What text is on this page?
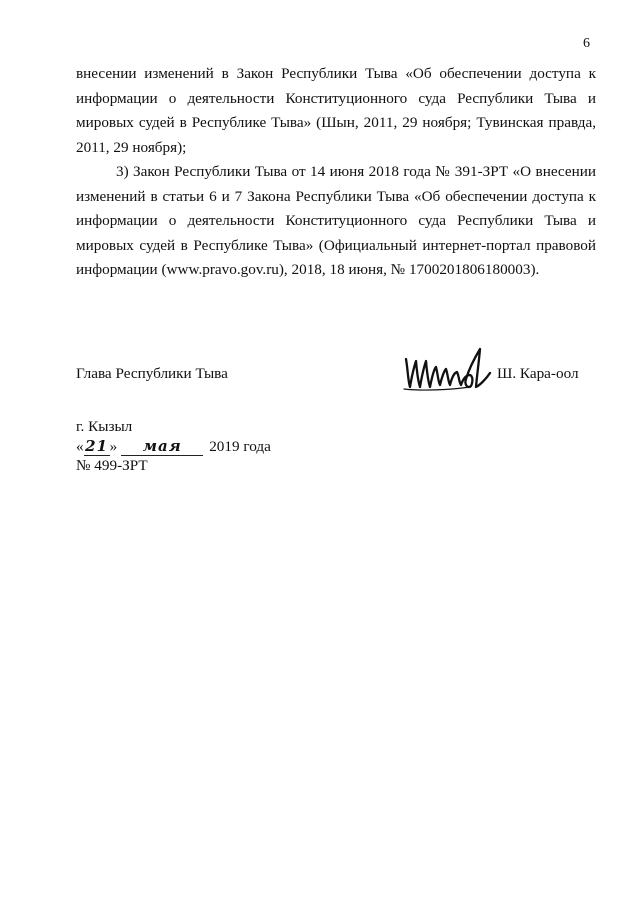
6

внесении изменений в Закон Республики Тыва «Об обеспечении доступа к информации о деятельности Конституционного суда Республики Тыва и мировых судей в Республике Тыва» (Шын, 2011, 29 ноября; Тувинская правда, 2011, 29 ноября);

3) Закон Республики Тыва от 14 июня 2018 года № 391-ЗРТ «О внесении изменений в статьи 6 и 7 Закона Республики Тыва «Об обеспечении доступа к информации о деятельности Конституционного суда Республики Тыва и мировых судей в Республике Тыва» (Официальный интернет-портал правовой информации (www.pravo.gov.ru), 2018, 18 июня, № 1700201806180003).

Глава Республики Тыва	Ш. Кара-оол
г. Кызыл
« 21 » мая 2019 года
№ 499-ЗРТ
